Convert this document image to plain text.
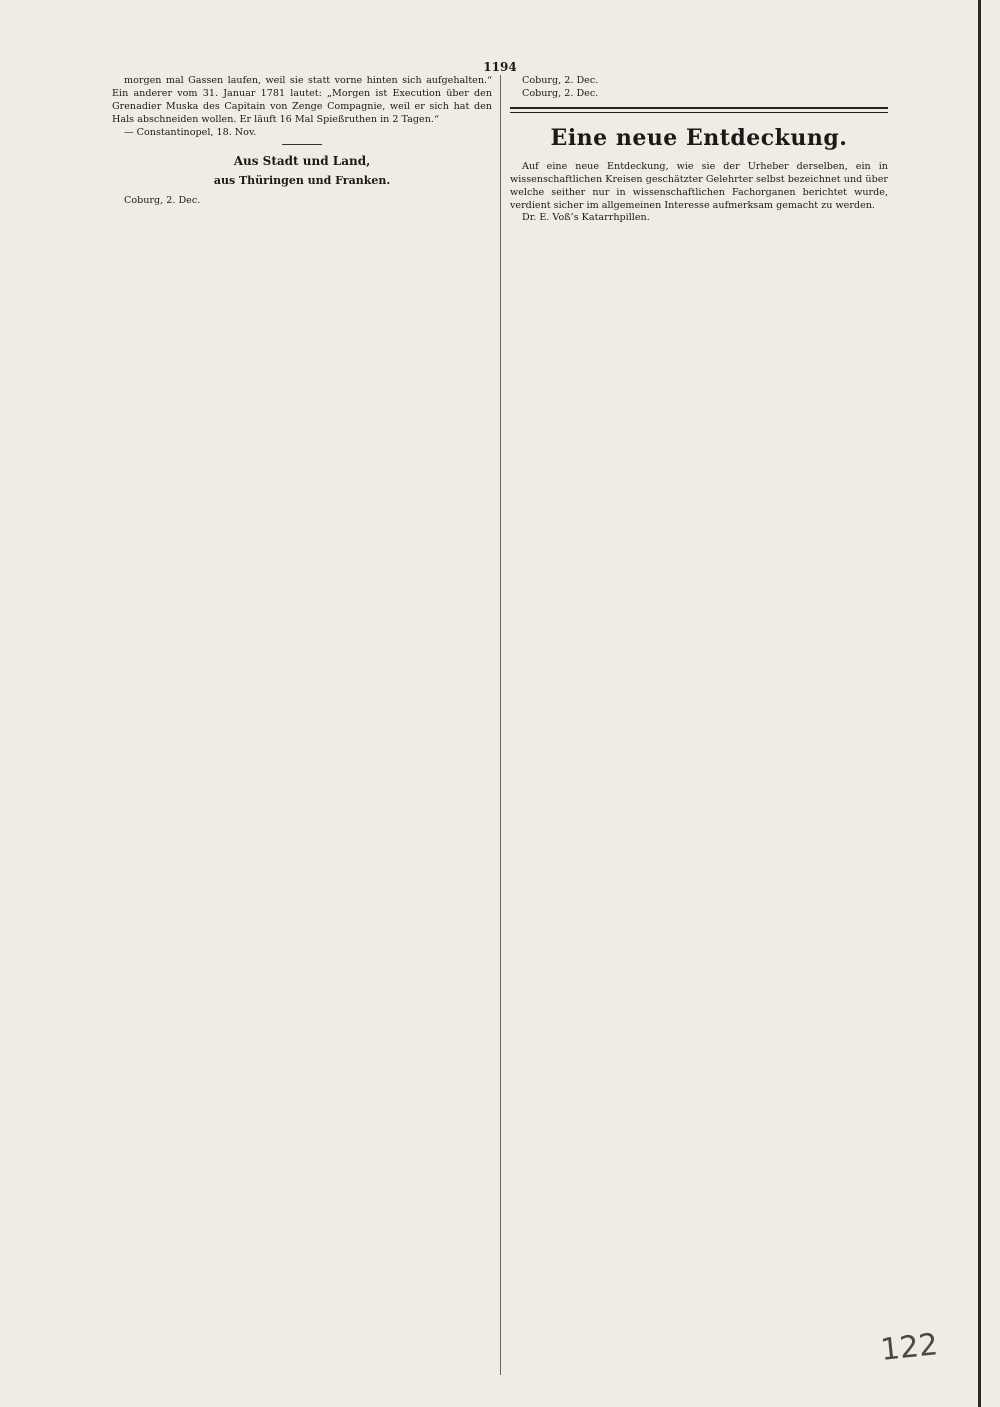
1194

morgen mal Gassen laufen, weil sie statt vorne hinten sich aufgehalten.“ Ein anderer vom 31. Januar 1781 lautet: „Morgen ist Execution über den Grenadier Muska des Capitain von Zenge Compagnie, weil er sich hat den Hals abschneiden wollen. Er läuft 16 Mal Spießruthen in 2 Tagen.“

— Constantinopel, 18. Nov.

Aus Stadt und Land,
aus Thüringen und Franken.

Coburg, 2. Dec.

Coburg, 2. Dec.

Coburg, 2. Dec.

Eine neue Entdeckung.

Auf eine neue Entdeckung, wie sie der Urheber derselben, ein in wissenschaftlichen Kreisen geschätzter Gelehrter selbst bezeichnet und über welche seither nur in wissenschaftlichen Fachorganen berichtet wurde, verdient sicher im allgemeinen Interesse aufmerksam gemacht zu werden.

Dr. E. Voß’s Katarrhpillen.

122
